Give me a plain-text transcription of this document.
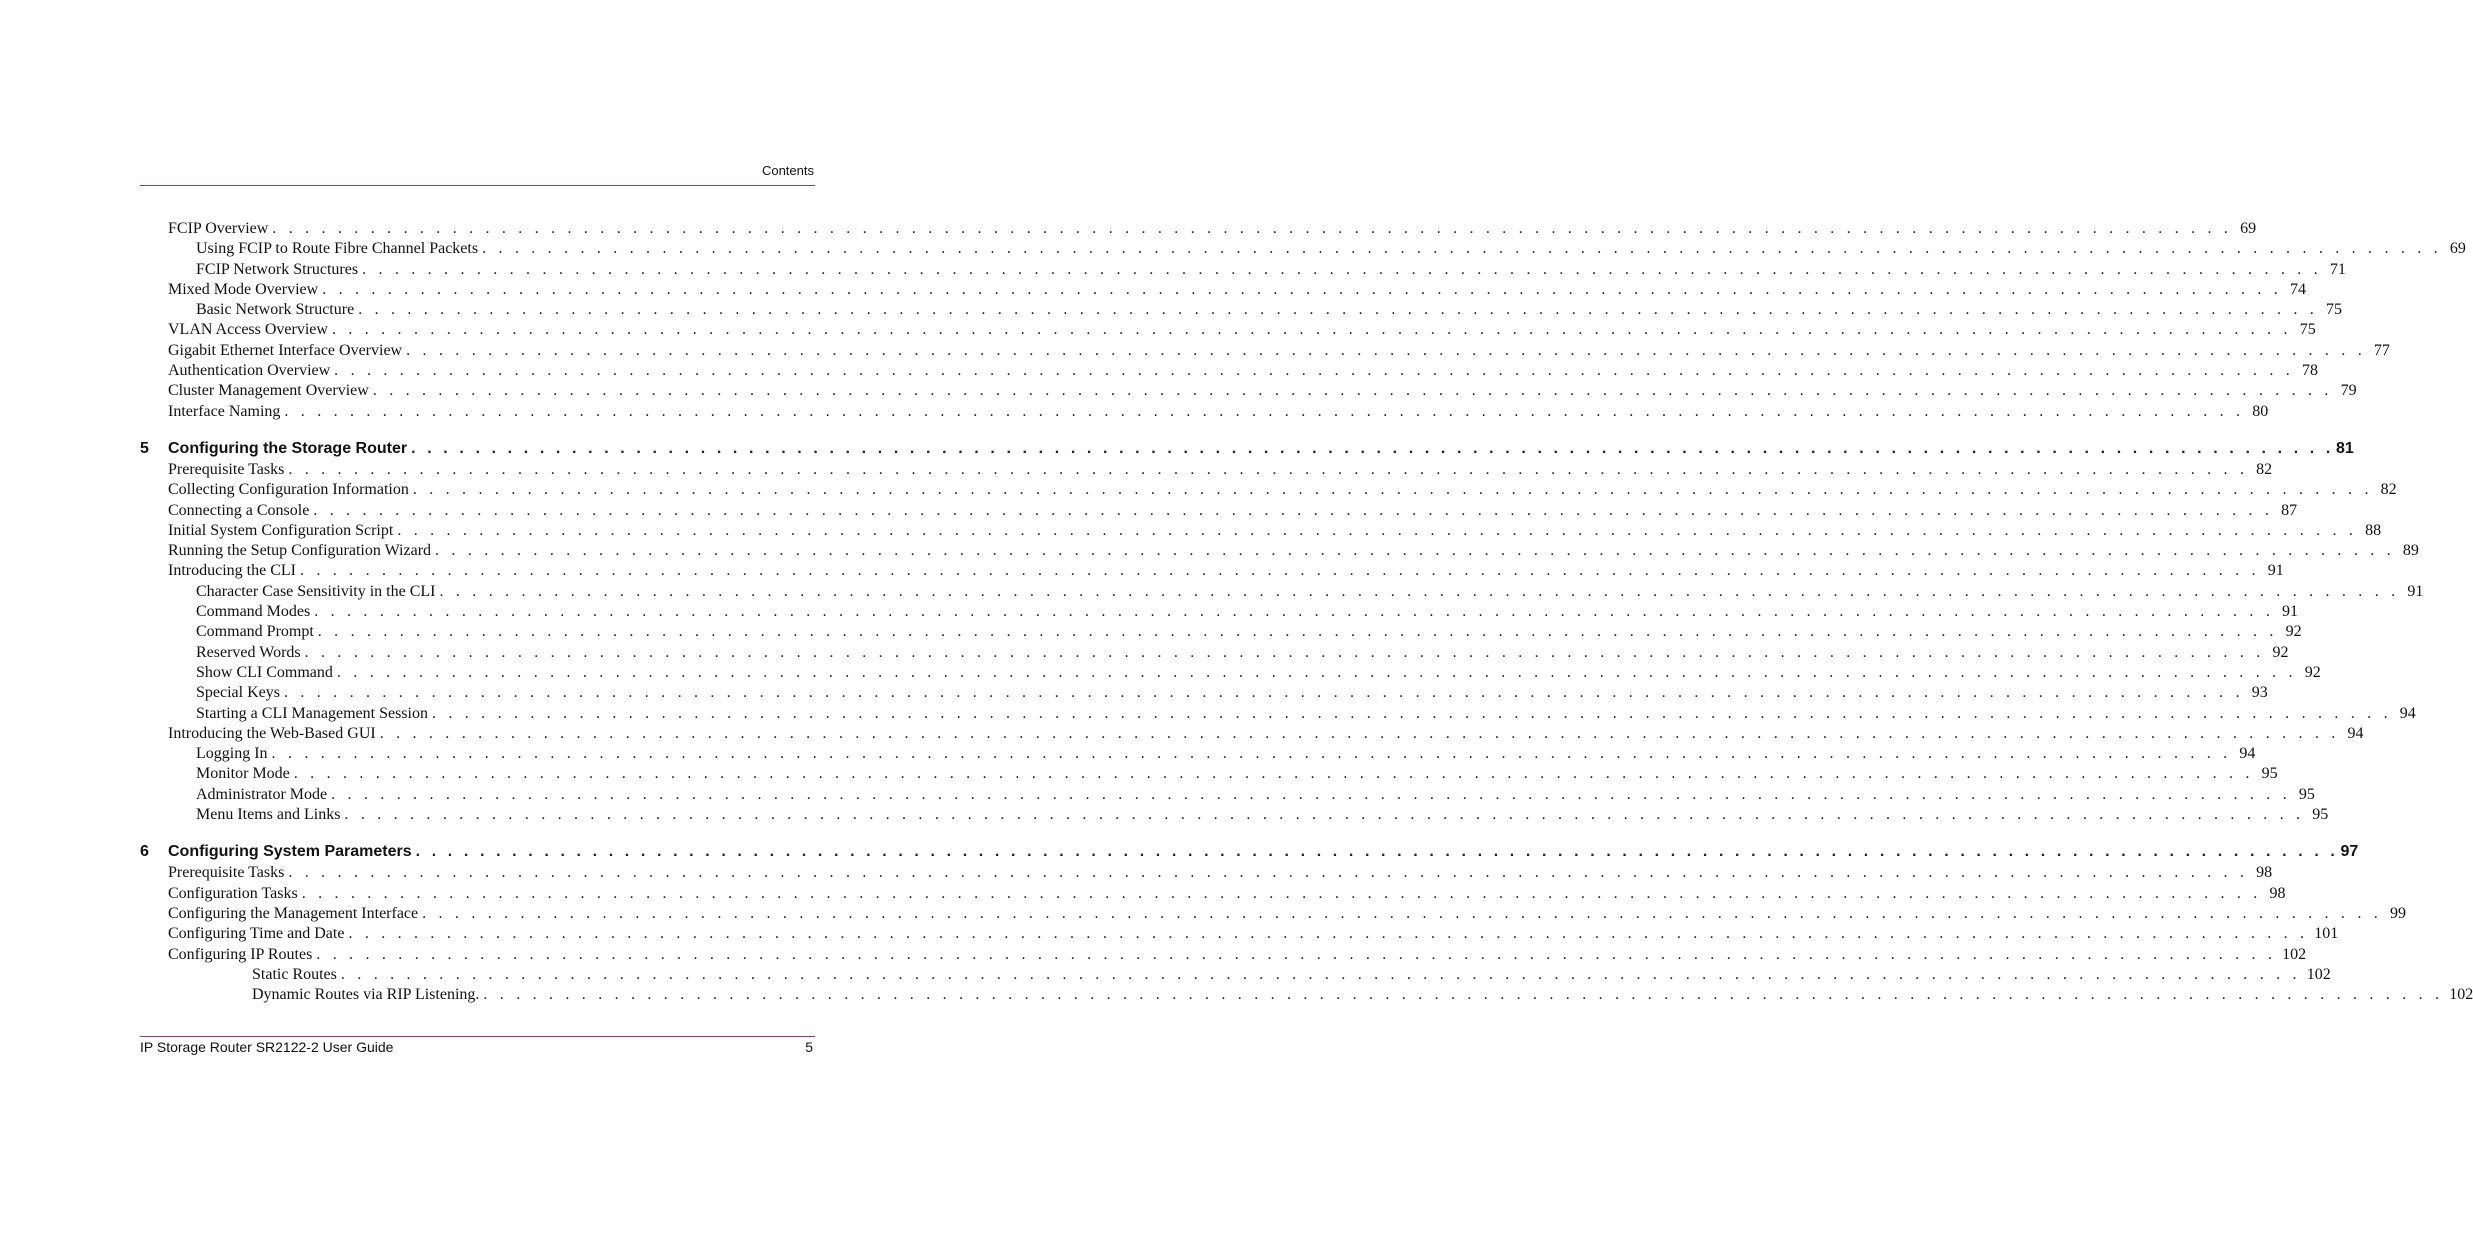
Contents
FCIP Overview . . . . . . . . . . . . . . . . . . . . . . . . . . . . . . . . . . . . . . . . . . . . . . . . . . . . . . . . . . . . . . . . . . . . . . . . . . . . . . . . . . . . . . . . . . . . . . . . . . . . . . . . . . . . . . . . . . . . . . . . 69
Using FCIP to Route Fibre Channel Packets . . . . . . . . . . . . . . . . . . . . . . . . . . . . . . . . . . . . . . . . . . . . . . . . . . . . . . . . . . . . . . . . . . . . . . . . . . . . . . . . . . . . . . . . . . . . . . . . . . . . . . . . . . . . . . . . . . . . . . . . 69
FCIP Network Structures . . . . . . . . . . . . . . . . . . . . . . . . . . . . . . . . . . . . . . . . . . . . . . . . . . . . . . . . . . . . . . . . . . . . . . . . . . . . . . . . . . . . . . . . . . . . . . . . . . . . . . . . . . . . . . . . . . . . . . . . 71
Mixed Mode Overview . . . . . . . . . . . . . . . . . . . . . . . . . . . . . . . . . . . . . . . . . . . . . . . . . . . . . . . . . . . . . . . . . . . . . . . . . . . . . . . . . . . . . . . . . . . . . . . . . . . . . . . . . . . . . . . . . . . . . . . . 74
Basic Network Structure . . . . . . . . . . . . . . . . . . . . . . . . . . . . . . . . . . . . . . . . . . . . . . . . . . . . . . . . . . . . . . . . . . . . . . . . . . . . . . . . . . . . . . . . . . . . . . . . . . . . . . . . . . . . . . . . . . . . . . . . 75
VLAN Access Overview . . . . . . . . . . . . . . . . . . . . . . . . . . . . . . . . . . . . . . . . . . . . . . . . . . . . . . . . . . . . . . . . . . . . . . . . . . . . . . . . . . . . . . . . . . . . . . . . . . . . . . . . . . . . . . . . . . . . . . . . 75
Gigabit Ethernet Interface Overview . . . . . . . . . . . . . . . . . . . . . . . . . . . . . . . . . . . . . . . . . . . . . . . . . . . . . . . . . . . . . . . . . . . . . . . . . . . . . . . . . . . . . . . . . . . . . . . . . . . . . . . . . . . . . . . . . . . . . . . . 77
Authentication Overview . . . . . . . . . . . . . . . . . . . . . . . . . . . . . . . . . . . . . . . . . . . . . . . . . . . . . . . . . . . . . . . . . . . . . . . . . . . . . . . . . . . . . . . . . . . . . . . . . . . . . . . . . . . . . . . . . . . . . . . . 78
Cluster Management Overview . . . . . . . . . . . . . . . . . . . . . . . . . . . . . . . . . . . . . . . . . . . . . . . . . . . . . . . . . . . . . . . . . . . . . . . . . . . . . . . . . . . . . . . . . . . . . . . . . . . . . . . . . . . . . . . . . . . . . . . . 79
Interface Naming . . . . . . . . . . . . . . . . . . . . . . . . . . . . . . . . . . . . . . . . . . . . . . . . . . . . . . . . . . . . . . . . . . . . . . . . . . . . . . . . . . . . . . . . . . . . . . . . . . . . . . . . . . . . . . . . . . . . . . . . 80
5 Configuring the Storage Router . . . . . . . . . . . . . . . . . . . . . . . . . . . . . . . . . . . . . . . . . . . . . . . . . . . . . . . . . . . . . . . . . . . . . . . . . . . . . . . . . . . . . . . . . . . . . . . . . . . . . . . . . . . . . . . . . . . . . . . . 81
Prerequisite Tasks . . . . . . . . . . . . . . . . . . . . . . . . . . . . . . . . . . . . . . . . . . . . . . . . . . . . . . . . . . . . . . . . . . . . . . . . . . . . . . . . . . . . . . . . . . . . . . . . . . . . . . . . . . . . . . . . . . . . . . . . 82
Collecting Configuration Information . . . . . . . . . . . . . . . . . . . . . . . . . . . . . . . . . . . . . . . . . . . . . . . . . . . . . . . . . . . . . . . . . . . . . . . . . . . . . . . . . . . . . . . . . . . . . . . . . . . . . . . . . . . . . . . . . . . . . . . . 82
Connecting a Console . . . . . . . . . . . . . . . . . . . . . . . . . . . . . . . . . . . . . . . . . . . . . . . . . . . . . . . . . . . . . . . . . . . . . . . . . . . . . . . . . . . . . . . . . . . . . . . . . . . . . . . . . . . . . . . . . . . . . . . . 87
Initial System Configuration Script . . . . . . . . . . . . . . . . . . . . . . . . . . . . . . . . . . . . . . . . . . . . . . . . . . . . . . . . . . . . . . . . . . . . . . . . . . . . . . . . . . . . . . . . . . . . . . . . . . . . . . . . . . . . . . . . . . . . . . . . 88
Running the Setup Configuration Wizard . . . . . . . . . . . . . . . . . . . . . . . . . . . . . . . . . . . . . . . . . . . . . . . . . . . . . . . . . . . . . . . . . . . . . . . . . . . . . . . . . . . . . . . . . . . . . . . . . . . . . . . . . . . . . . . . . . . . . . . . 89
Introducing the CLI . . . . . . . . . . . . . . . . . . . . . . . . . . . . . . . . . . . . . . . . . . . . . . . . . . . . . . . . . . . . . . . . . . . . . . . . . . . . . . . . . . . . . . . . . . . . . . . . . . . . . . . . . . . . . . . . . . . . . . . . 91
Character Case Sensitivity in the CLI . . . . . . . . . . . . . . . . . . . . . . . . . . . . . . . . . . . . . . . . . . . . . . . . . . . . . . . . . . . . . . . . . . . . . . . . . . . . . . . . . . . . . . . . . . . . . . . . . . . . . . . . . . . . . . . . . . . . . . . . 91
Command Modes . . . . . . . . . . . . . . . . . . . . . . . . . . . . . . . . . . . . . . . . . . . . . . . . . . . . . . . . . . . . . . . . . . . . . . . . . . . . . . . . . . . . . . . . . . . . . . . . . . . . . . . . . . . . . . . . . . . . . . . . 91
Command Prompt . . . . . . . . . . . . . . . . . . . . . . . . . . . . . . . . . . . . . . . . . . . . . . . . . . . . . . . . . . . . . . . . . . . . . . . . . . . . . . . . . . . . . . . . . . . . . . . . . . . . . . . . . . . . . . . . . . . . . . . . 92
Reserved Words . . . . . . . . . . . . . . . . . . . . . . . . . . . . . . . . . . . . . . . . . . . . . . . . . . . . . . . . . . . . . . . . . . . . . . . . . . . . . . . . . . . . . . . . . . . . . . . . . . . . . . . . . . . . . . . . . . . . . . . . 92
Show CLI Command . . . . . . . . . . . . . . . . . . . . . . . . . . . . . . . . . . . . . . . . . . . . . . . . . . . . . . . . . . . . . . . . . . . . . . . . . . . . . . . . . . . . . . . . . . . . . . . . . . . . . . . . . . . . . . . . . . . . . . . . 92
Special Keys . . . . . . . . . . . . . . . . . . . . . . . . . . . . . . . . . . . . . . . . . . . . . . . . . . . . . . . . . . . . . . . . . . . . . . . . . . . . . . . . . . . . . . . . . . . . . . . . . . . . . . . . . . . . . . . . . . . . . . . . 93
Starting a CLI Management Session . . . . . . . . . . . . . . . . . . . . . . . . . . . . . . . . . . . . . . . . . . . . . . . . . . . . . . . . . . . . . . . . . . . . . . . . . . . . . . . . . . . . . . . . . . . . . . . . . . . . . . . . . . . . . . . . . . . . . . . . 94
Introducing the Web-Based GUI . . . . . . . . . . . . . . . . . . . . . . . . . . . . . . . . . . . . . . . . . . . . . . . . . . . . . . . . . . . . . . . . . . . . . . . . . . . . . . . . . . . . . . . . . . . . . . . . . . . . . . . . . . . . . . . . . . . . . . . . 94
Logging In . . . . . . . . . . . . . . . . . . . . . . . . . . . . . . . . . . . . . . . . . . . . . . . . . . . . . . . . . . . . . . . . . . . . . . . . . . . . . . . . . . . . . . . . . . . . . . . . . . . . . . . . . . . . . . . . . . . . . . . . 94
Monitor Mode . . . . . . . . . . . . . . . . . . . . . . . . . . . . . . . . . . . . . . . . . . . . . . . . . . . . . . . . . . . . . . . . . . . . . . . . . . . . . . . . . . . . . . . . . . . . . . . . . . . . . . . . . . . . . . . . . . . . . . . . 95
Administrator Mode . . . . . . . . . . . . . . . . . . . . . . . . . . . . . . . . . . . . . . . . . . . . . . . . . . . . . . . . . . . . . . . . . . . . . . . . . . . . . . . . . . . . . . . . . . . . . . . . . . . . . . . . . . . . . . . . . . . . . . . . 95
Menu Items and Links . . . . . . . . . . . . . . . . . . . . . . . . . . . . . . . . . . . . . . . . . . . . . . . . . . . . . . . . . . . . . . . . . . . . . . . . . . . . . . . . . . . . . . . . . . . . . . . . . . . . . . . . . . . . . . . . . . . . . . . . 95
6 Configuring System Parameters . . . . . . . . . . . . . . . . . . . . . . . . . . . . . . . . . . . . . . . . . . . . . . . . . . . . . . . . . . . . . . . . . . . . . . . . . . . . . . . . . . . . . . . . . . . . . . . . . . . . . . . . . . . . . . . . . . . . . . . . 97
Prerequisite Tasks . . . . . . . . . . . . . . . . . . . . . . . . . . . . . . . . . . . . . . . . . . . . . . . . . . . . . . . . . . . . . . . . . . . . . . . . . . . . . . . . . . . . . . . . . . . . . . . . . . . . . . . . . . . . . . . . . . . . . . . . 98
Configuration Tasks . . . . . . . . . . . . . . . . . . . . . . . . . . . . . . . . . . . . . . . . . . . . . . . . . . . . . . . . . . . . . . . . . . . . . . . . . . . . . . . . . . . . . . . . . . . . . . . . . . . . . . . . . . . . . . . . . . . . . . . . 98
Configuring the Management Interface . . . . . . . . . . . . . . . . . . . . . . . . . . . . . . . . . . . . . . . . . . . . . . . . . . . . . . . . . . . . . . . . . . . . . . . . . . . . . . . . . . . . . . . . . . . . . . . . . . . . . . . . . . . . . . . . . . . . . . . . 99
Configuring Time and Date . . . . . . . . . . . . . . . . . . . . . . . . . . . . . . . . . . . . . . . . . . . . . . . . . . . . . . . . . . . . . . . . . . . . . . . . . . . . . . . . . . . . . . . . . . . . . . . . . . . . . . . . . . . . . . . . . . . . . . . . 101
Configuring IP Routes . . . . . . . . . . . . . . . . . . . . . . . . . . . . . . . . . . . . . . . . . . . . . . . . . . . . . . . . . . . . . . . . . . . . . . . . . . . . . . . . . . . . . . . . . . . . . . . . . . . . . . . . . . . . . . . . . . . . . . . . 102
Static Routes . . . . . . . . . . . . . . . . . . . . . . . . . . . . . . . . . . . . . . . . . . . . . . . . . . . . . . . . . . . . . . . . . . . . . . . . . . . . . . . . . . . . . . . . . . . . . . . . . . . . . . . . . . . . . . . . . . . . . . . . 102
Dynamic Routes via RIP Listening. . . . . . . . . . . . . . . . . . . . . . . . . . . . . . . . . . . . . . . . . . . . . . . . . . . . . . . . . . . . . . . . . . . . . . . . . . . . . . . . . . . . . . . . . . . . . . . . . . . . . . . . . . . . . . . . . . . . . . . . . 102
IP Storage Router SR2122-2 User Guide	5
